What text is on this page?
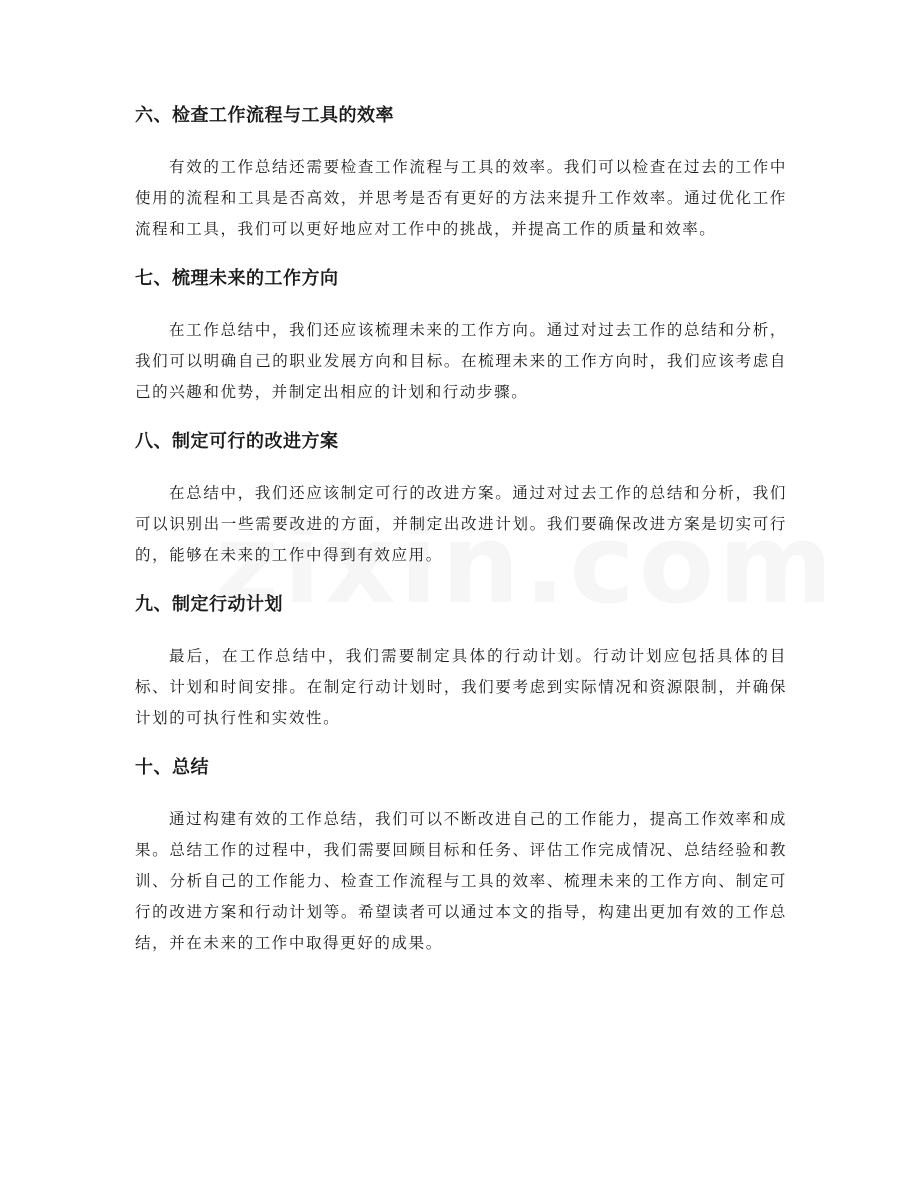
六、检查工作流程与工具的效率

有效的工作总结还需要检查工作流程与工具的效率。我们可以检查在过去的工作中使用的流程和工具是否高效，并思考是否有更好的方法来提升工作效率。通过优化工作流程和工具，我们可以更好地应对工作中的挑战，并提高工作的质量和效率。

七、梳理未来的工作方向

在工作总结中，我们还应该梳理未来的工作方向。通过对过去工作的总结和分析，我们可以明确自己的职业发展方向和目标。在梳理未来的工作方向时，我们应该考虑自己的兴趣和优势，并制定出相应的计划和行动步骤。

八、制定可行的改进方案

在总结中，我们还应该制定可行的改进方案。通过对过去工作的总结和分析，我们可以识别出一些需要改进的方面，并制定出改进计划。我们要确保改进方案是切实可行的，能够在未来的工作中得到有效应用。

九、制定行动计划

最后，在工作总结中，我们需要制定具体的行动计划。行动计划应包括具体的目标、计划和时间安排。在制定行动计划时，我们要考虑到实际情况和资源限制，并确保计划的可执行性和实效性。

十、总结

通过构建有效的工作总结，我们可以不断改进自己的工作能力，提高工作效率和成果。总结工作的过程中，我们需要回顾目标和任务、评估工作完成情况、总结经验和教训、分析自己的工作能力、检查工作流程与工具的效率、梳理未来的工作方向、制定可行的改进方案和行动计划等。希望读者可以通过本文的指导，构建出更加有效的工作总结，并在未来的工作中取得更好的成果。
